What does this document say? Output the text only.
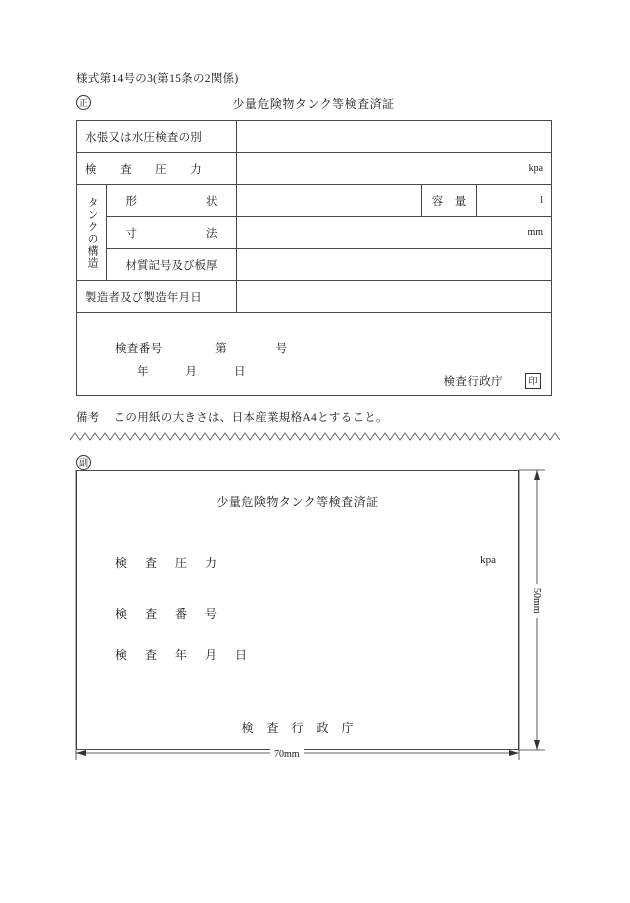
様式第14号の3(第15条の2関係)
正	少量危険物タンク等検査済証
水張又は水圧検査の別				
検　　査　　圧　　力		kpa		

タンクの構造	形　　　　　　状		容　量	l
	寸　　　　　　法	mm		
	材質記号及び板厚			
製造者及び製造年月日				

検査番号 第 号
年 月 日
検査行政庁 印				
備考 この用紙の大きさは、日本産業規格A4とすること。
副
少量危険物タンク等検査済証
検　査　圧　力	kpa
検　査　番　号
検　査　年　月　日
検 査 行 政 庁
70mm
50mm
